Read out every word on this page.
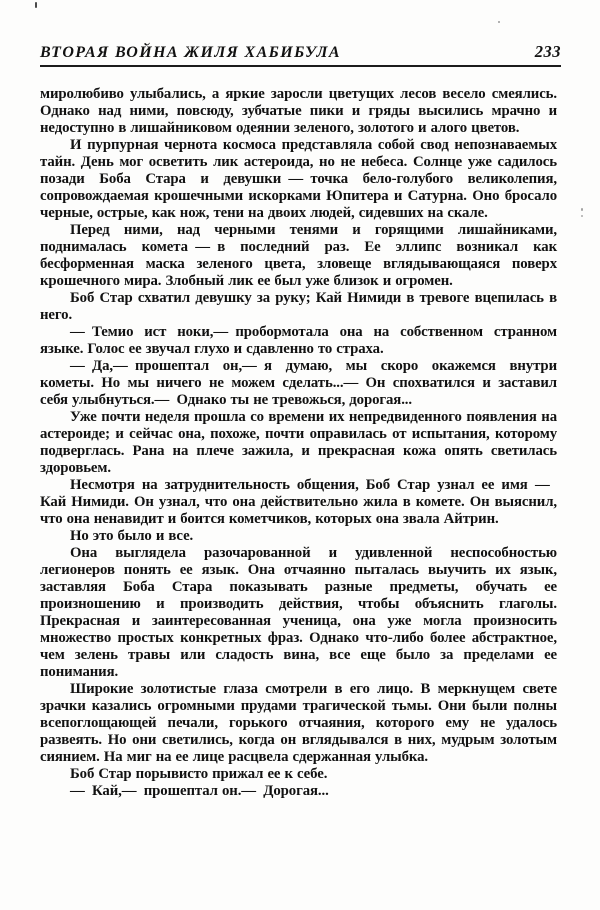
ВТОРАЯ ВОЙНА ЖИЛЯ ХАБИБУЛА	233

миролюбиво улыбались, а яркие заросли цветущих лесов весело смеялись. Однако над ними, повсюду, зубчатые пики и гряды высились мрачно и недоступно в лишайниковом одеянии зеленого, золотого и алого цветов.

И пурпурная чернота космоса представляла собой свод непознаваемых тайн. День мог осветить лик астероида, но не небеса. Солнце уже садилось позади Боба Стара и девушки — точка бело-голубого великолепия, сопровождаемая крошечными искорками Юпитера и Сатурна. Оно бросало черные, острые, как нож, тени на двоих людей, сидевших на скале.

Перед ними, над черными тенями и горящими лишайниками, поднималась комета — в последний раз. Ее эллипс возникал как бесформенная маска зеленого цвета, зловеще вглядывающаяся поверх крошечного мира. Злобный лик ее был уже близок и огромен.

Боб Стар схватил девушку за руку; Кай Нимиди в тревоге вцепилась в него.

— Темио ист ноки,— пробормотала она на собственном странном языке. Голос ее звучал глухо и сдавленно то страха.

— Да,— прошептал он,— я думаю, мы скоро окажемся внутри кометы. Но мы ничего не можем сделать...— Он спохватился и заставил себя улыбнуться.— Однако ты не тревожься, дорогая...

Уже почти неделя прошла со времени их непредвиденного появления на астероиде; и сейчас она, похоже, почти оправилась от испытания, которому подверглась. Рана на плече зажила, и прекрасная кожа опять светилась здоровьем.

Несмотря на затруднительность общения, Боб Стар узнал ее имя — Кай Нимиди. Он узнал, что она действительно жила в комете. Он выяснил, что она ненавидит и боится кометчиков, которых она звала Айтрин.

Но это было и все.

Она выглядела разочарованной и удивленной неспособностью легионеров понять ее язык. Она отчаянно пыталась выучить их язык, заставляя Боба Стара показывать разные предметы, обучать ее произношению и производить действия, чтобы объяснить глаголы. Прекрасная и заинтересованная ученица, она уже могла произносить множество простых конкретных фраз. Однако что-либо более абстрактное, чем зелень травы или сладость вина, все еще было за пределами ее понимания.

Широкие золотистые глаза смотрели в его лицо. В меркнущем свете зрачки казались огромными прудами трагической тьмы. Они были полны всепоглощающей печали, горького отчаяния, которого ему не удалось развеять. Но они светились, когда он вглядывался в них, мудрым золотым сиянием. На миг на ее лице расцвела сдержанная улыбка.

Боб Стар порывисто прижал ее к себе.

— Кай,— прошептал он.— Дорогая...
